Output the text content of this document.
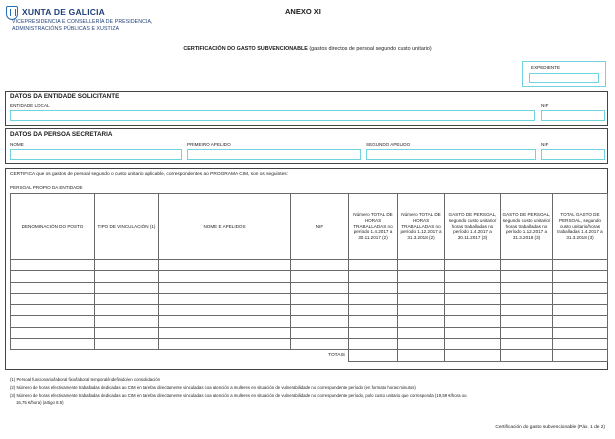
XUNTA DE GALICIA
VICEPRESIDENCIA E CONSELLERÍA DE PRESIDENCIA,
ADMINISTRACIÓNS PÚBLICAS E XUSTIZA
ANEXO XI
CERTIFICACIÓN DO GASTO SUBVENCIONABLE (gastos directos de persoal segundo custo unitario)
EXPEDIENTE
DATOS DA ENTIDADE SOLICITANTE
ENTIDADE LOCAL	NIF
DATOS DA PERSOA SECRETARIA
NOME	PRIMEIRO APELIDO	SEGUNDO APELIDO	NIF
CERTIFICA que os gastos de persoal segundo o custo unitario aplicable, correspondentes ao PROGRAMA CIM, son os seguintes:
PERSOAL PROPIO DA ENTIDADE
DENOMINACIÓN DO POSTO	TIPO DE VINCULACIÓN (1)	NOME E APELIDOS	NIF	Número TOTAL DE HORAS TRABALLADAS no período 1.4.2017 a 30.11.2017 (2)	Número TOTAL DE HORAS TRABALLADAS no período 1.12.2017 a 31.3.2018 (2)	GASTO DE PERSOAL, segundo custo unitario/ horas traballadas no período 1.4.2017 a 30.11.2017 (3)	GASTO DE PERSOAL, segundo custo unitario/ horas traballadas no período 1.12.2017 a 31.3.2018 (3)	TOTAL GASTO DE PERSOAL, segundo custo unitario/horas traballadas 1.4.2017 a 31.3.2018 (3)

TOTAIS								
(1) Persoal funcionario/laboral fixo/laboral temporal/indefinido/en consolidación
(2) Número de horas efectivamente traballadas dedicadas ao CIM en tarefas directamente vinculadas coa atención a mulleres en situación de vulnerabilidade no correspondente período (en formato horas:minutos)
(3) Número de horas efectivamente traballadas dedicadas ao CIM en tarefas directamente vinculadas coa atención a mulleres en situación de vulnerabilidade no correspondente período, polo custo unitario que corresponda (19,59 €/hora ou
16,75 €/hora) (artigo 8.5)
Certificación do gasto subvencionable (Páx. 1 de 2)
